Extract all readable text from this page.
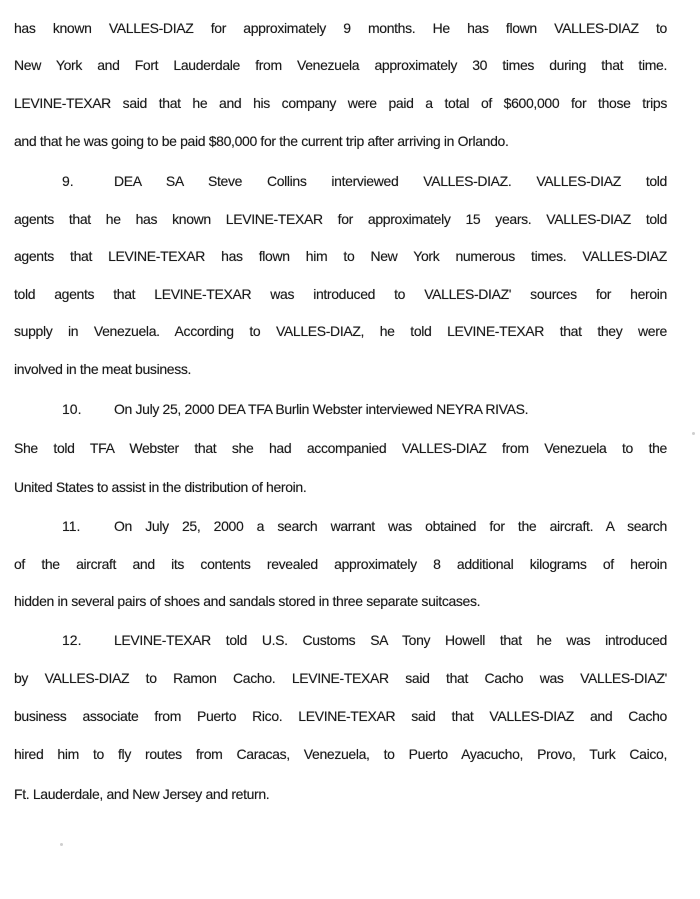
has known VALLES-DIAZ for approximately 9 months. He has flown VALLES-DIAZ to
New York and Fort Lauderdale from Venezuela approximately 30 times during that time.
LEVINE-TEXAR said that he and his company were paid a total of $600,000 for those trips
and that he was going to be paid $80,000 for the current trip after arriving in Orlando.
9.	DEA SA Steve Collins interviewed VALLES-DIAZ. VALLES-DIAZ told
agents that he has known LEVINE-TEXAR for approximately 15 years. VALLES-DIAZ told
agents that LEVINE-TEXAR has flown him to New York numerous times. VALLES-DIAZ
told agents that LEVINE-TEXAR was introduced to VALLES-DIAZ' sources for heroin
supply in Venezuela. According to VALLES-DIAZ, he told LEVINE-TEXAR that they were
involved in the meat business.
10. On July 25, 2000 DEA TFA Burlin Webster interviewed NEYRA RIVAS.
She told TFA Webster that she had accompanied VALLES-DIAZ from Venezuela to the
United States to assist in the distribution of heroin.
11. On July 25, 2000 a search warrant was obtained for the aircraft. A search
of the aircraft and its contents revealed approximately 8 additional kilograms of heroin
hidden in several pairs of shoes and sandals stored in three separate suitcases.
12. LEVINE-TEXAR told U.S. Customs SA Tony Howell that he was introduced
by VALLES-DIAZ to Ramon Cacho. LEVINE-TEXAR said that Cacho was VALLES-DIAZ'
business associate from Puerto Rico. LEVINE-TEXAR said that VALLES-DIAZ and Cacho
hired him to fly routes from Caracas, Venezuela, to Puerto Ayacucho, Provo, Turk Caico,
Ft. Lauderdale, and New Jersey and return.
